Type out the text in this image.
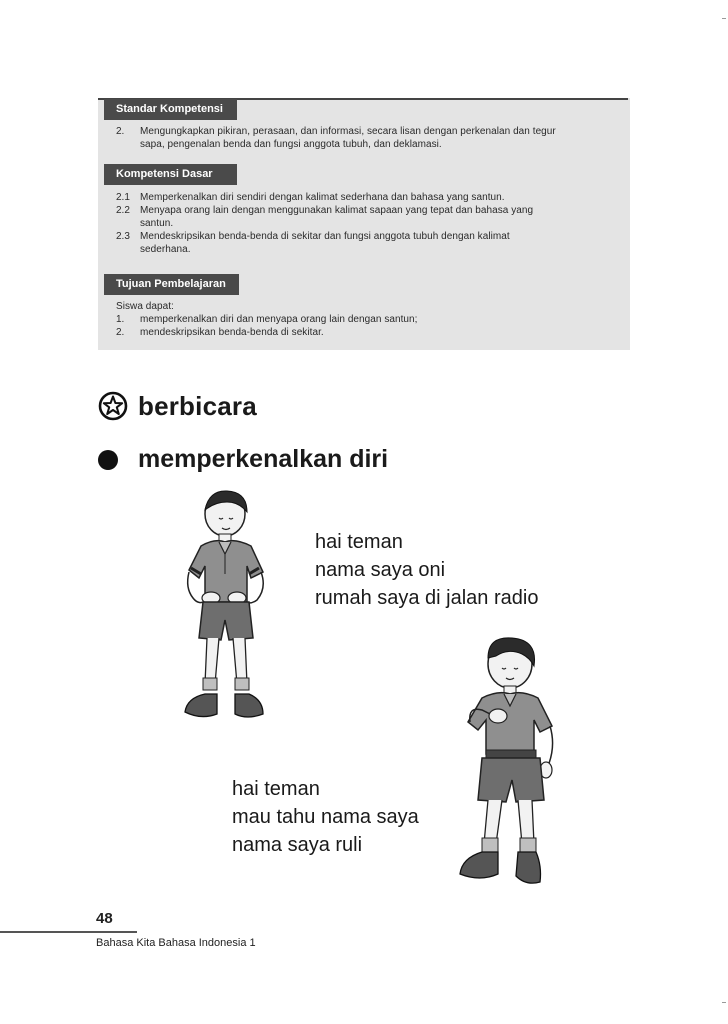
Standar Kompetensi
2. Mengungkapkan pikiran, perasaan, dan informasi, secara lisan dengan perkenalan dan tegur
sapa, pengenalan benda dan fungsi anggota tubuh, dan deklamasi.
Kompetensi Dasar
2.1 Memperkenalkan diri sendiri dengan kalimat sederhana dan bahasa yang santun.
2.2 Menyapa orang lain dengan menggunakan kalimat sapaan yang tepat dan bahasa yang
santun.
2.3 Mendeskripsikan benda-benda di sekitar dan fungsi anggota tubuh dengan kalimat
sederhana.
Tujuan Pembelajaran
Siswa dapat:
1. memperkenalkan diri dan menyapa orang lain dengan santun;
2. mendeskripsikan benda-benda di sekitar.
berbicara
memperkenalkan diri
hai teman
nama saya oni
rumah saya di jalan radio
hai teman
mau tahu nama saya
nama saya ruli
48
Bahasa Kita Bahasa Indonesia 1
